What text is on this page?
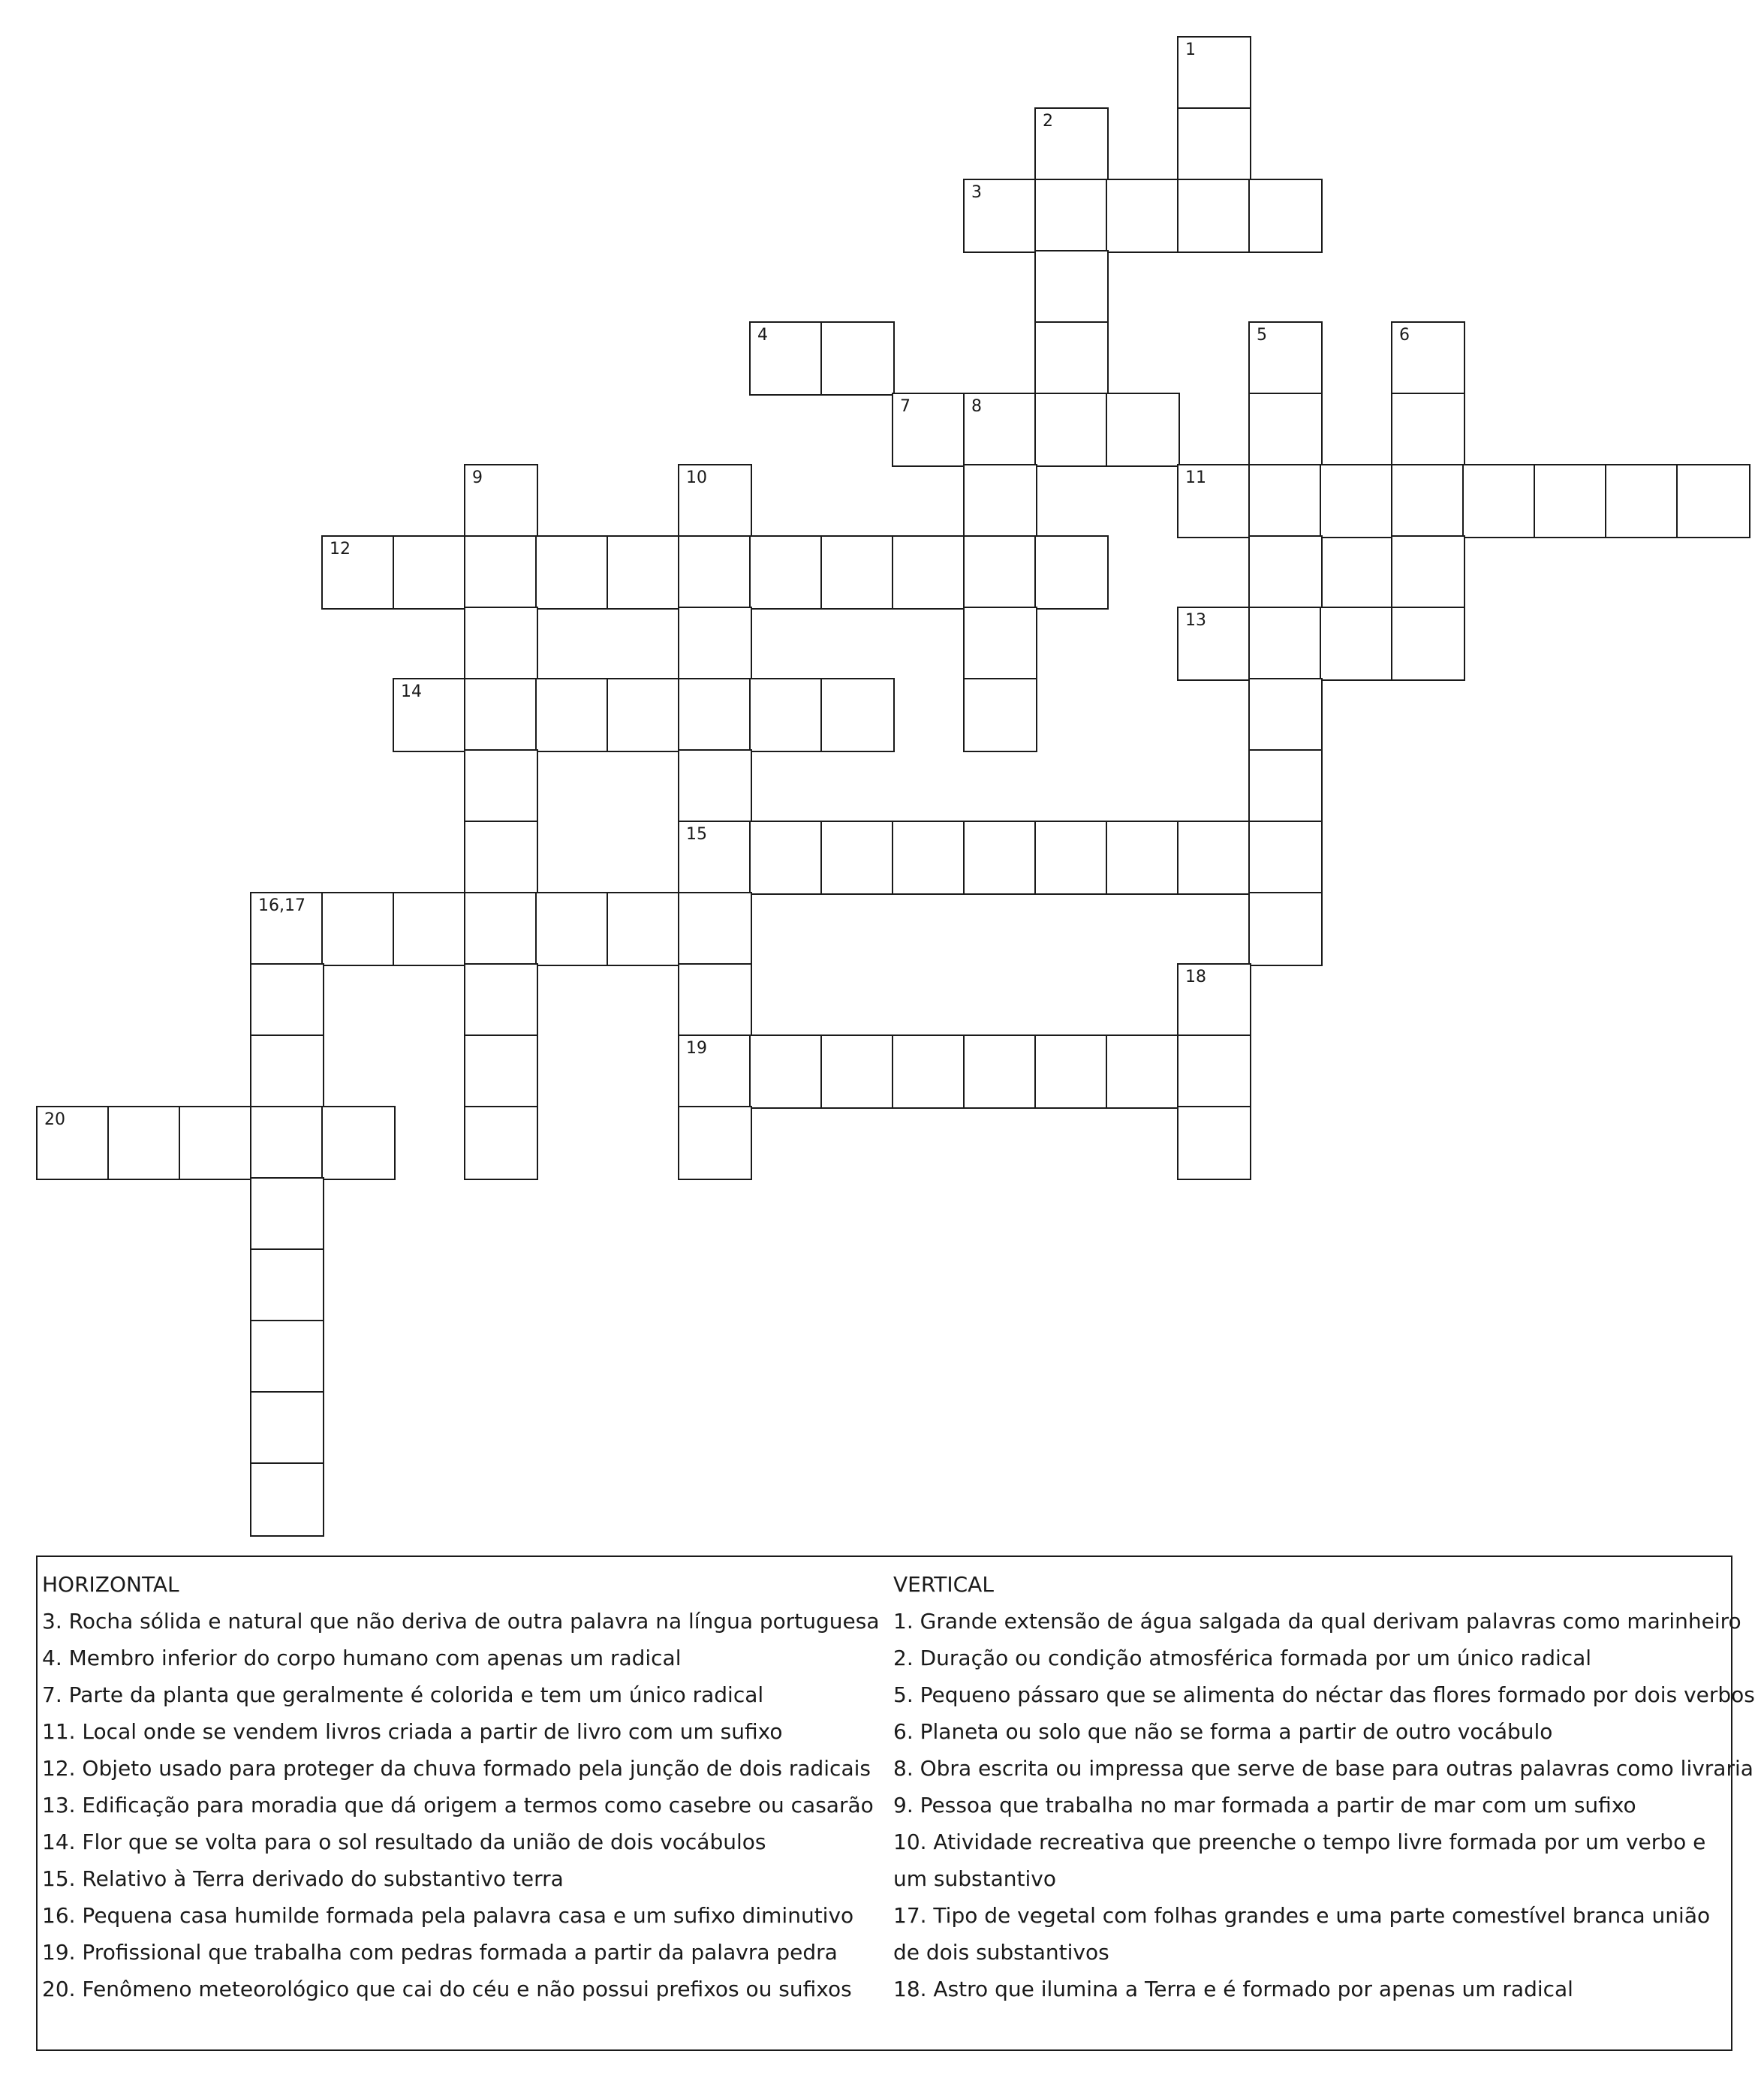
1
2
3
4	5	6
7	8
9	10	11
12
13
14
15
16,17
18
19
20
HORIZONTAL
3. Rocha sólida e natural que não deriva de outra palavra na língua portuguesa
4. Membro inferior do corpo humano com apenas um radical
7. Parte da planta que geralmente é colorida e tem um único radical
11. Local onde se vendem livros criada a partir de livro com um sufixo
12. Objeto usado para proteger da chuva formado pela junção de dois radicais
13. Edificação para moradia que dá origem a termos como casebre ou casarão
14. Flor que se volta para o sol resultado da união de dois vocábulos
15. Relativo à Terra derivado do substantivo terra
16. Pequena casa humilde formada pela palavra casa e um sufixo diminutivo
19. Profissional que trabalha com pedras formada a partir da palavra pedra
20. Fenômeno meteorológico que cai do céu e não possui prefixos ou sufixos
VERTICAL
1. Grande extensão de água salgada da qual derivam palavras como marinheiro
2. Duração ou condição atmosférica formada por um único radical
5. Pequeno pássaro que se alimenta do néctar das flores formado por dois verbos
6. Planeta ou solo que não se forma a partir de outro vocábulo
8. Obra escrita ou impressa que serve de base para outras palavras como livraria
9. Pessoa que trabalha no mar formada a partir de mar com um sufixo
10. Atividade recreativa que preenche o tempo livre formada por um verbo e um substantivo
17. Tipo de vegetal com folhas grandes e uma parte comestível branca união de dois substantivos
18. Astro que ilumina a Terra e é formado por apenas um radical
